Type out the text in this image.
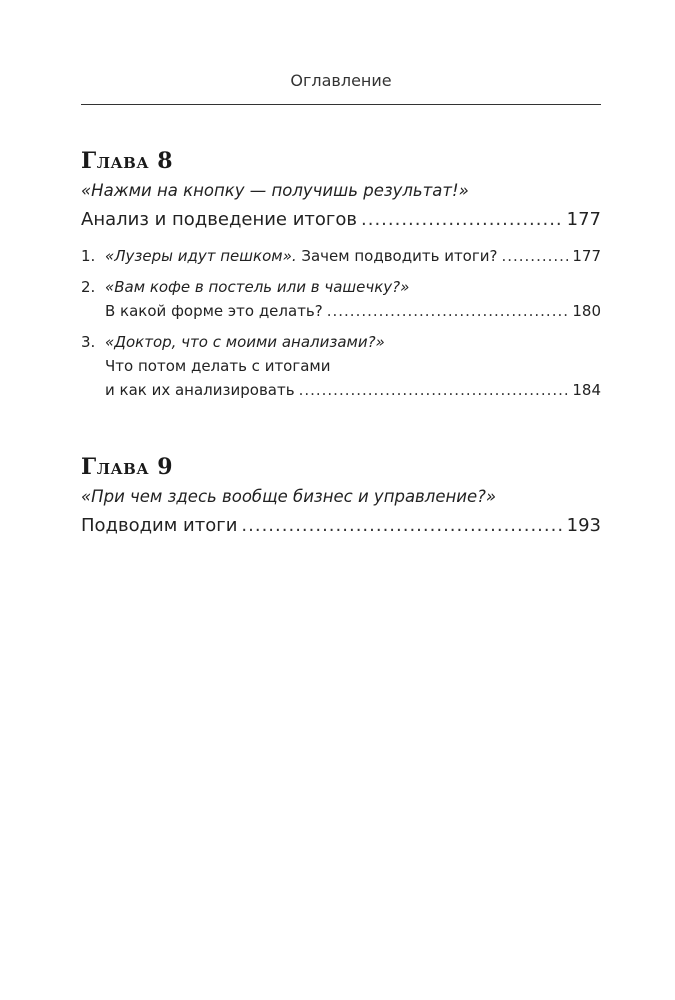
Оглавление
Глава 8
«Нажми на кнопку — получишь результат!»
Анализ и подведение итогов .....	177
1. «Лузеры идут пешком». Зачем подводить итоги? .....	177
2. «Вам кофе в постель или в чашечку?»
В какой форме это делать? .....	180
3. «Доктор, что с моими анализами?»
Что потом делать с итогами
и как их анализировать .....	184
Глава 9
«При чем здесь вообще бизнес и управление?»
Подводим итоги .....	193
